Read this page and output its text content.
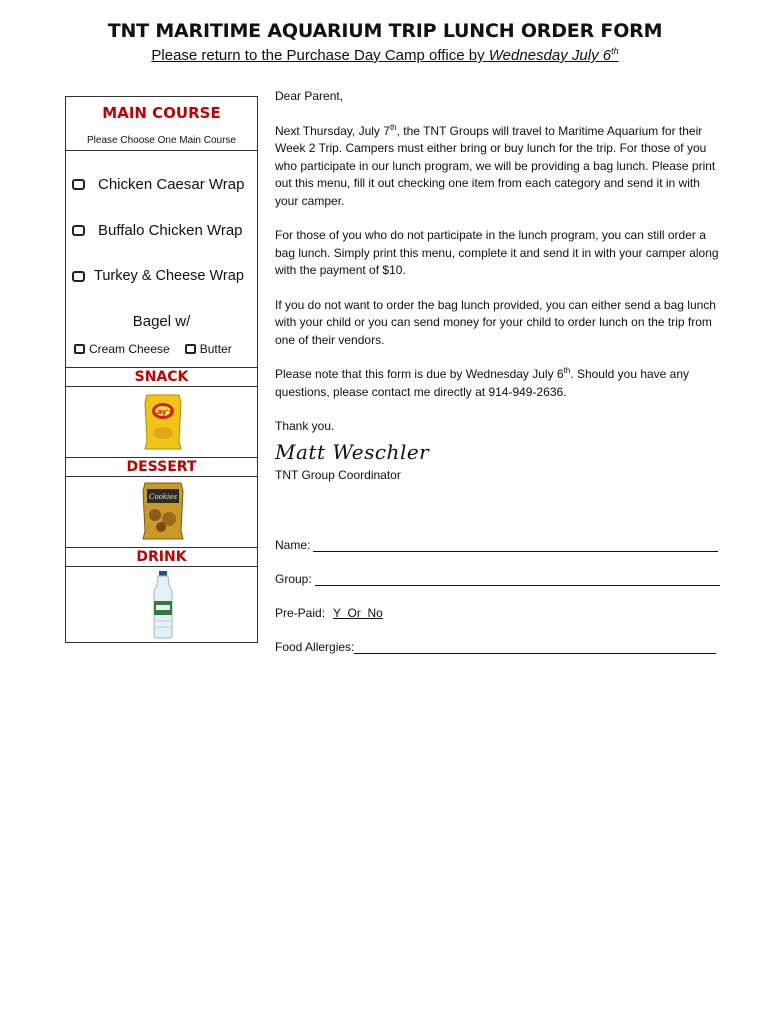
TNT MARITIME AQUARIUM TRIP LUNCH ORDER FORM
Please return to the Purchase Day Camp office by Wednesday July 6th
MAIN COURSE
Please Choose One Main Course
Chicken Caesar Wrap
Buffalo Chicken Wrap
Turkey & Cheese Wrap
Bagel w/
Cream Cheese	Butter
SNACK
Lay's
DESSERT
Cookies
DRINK

Dear Parent,

Next Thursday, July 7th, the TNT Groups will travel to Maritime Aquarium for their Week 2 Trip. Campers must either bring or buy lunch for the trip. For those of you who participate in our lunch program, we will be providing a bag lunch. Please print out this menu, fill it out checking one item from each category and send it in with your camper.

For those of you who do not participate in the lunch program, you can still order a bag lunch. Simply print this menu, complete it and send it in with your camper along with the payment of $10.

If you do not want to order the bag lunch provided, you can either send a bag lunch with your child or you can send money for your child to order lunch on the trip from one of their vendors.

Please note that this form is due by Wednesday July 6th. Should you have any questions, please contact me directly at 914-949-2636.

Thank you.

Matt Weschler
TNT Group Coordinator
Name:
Group:
Pre-Paid: Y  Or  No
Food Allergies:
